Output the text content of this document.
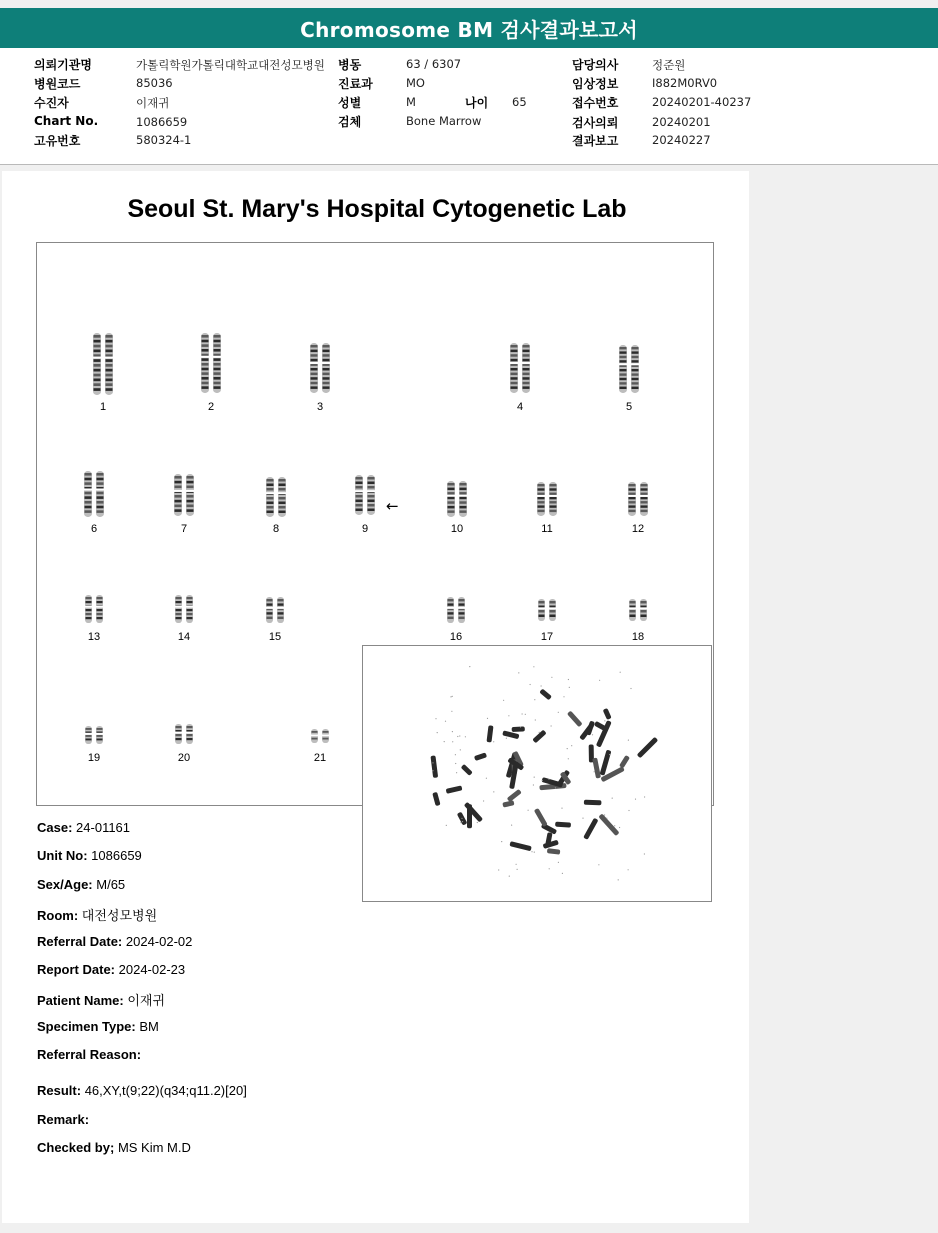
Chromosome BM 검사결과보고서
의뢰기관명	가톨릭학원가톨릭대학교대전성모병원 병동	63 / 6307	담당의사	정준원
병원코드	85036	진료과	MO	임상정보	I882M0RV0
수진자	이재귀	성별	M	나이 65	접수번호	20240201-40237
Chart No.	1086659	검체	Bone Marrow	검사의뢰	20240201
고유번호	580324-1	결과보고	20240227
Seoul St. Mary's Hospital Cytogenetic Lab
1	2	3	4	5
6	7	8	9	10	11	12
13	14	15	16	17	18
19	20	21
←
Case: 24-01161
Unit No: 1086659
Sex/Age: M/65
Room: 대전성모병원
Referral Date: 2024-02-02
Report Date: 2024-02-23
Patient Name: 이재귀
Specimen Type: BM
Referral Reason:
Result: 46,XY,t(9;22)(q34;q11.2)[20]
Remark:
Checked by; MS Kim M.D
